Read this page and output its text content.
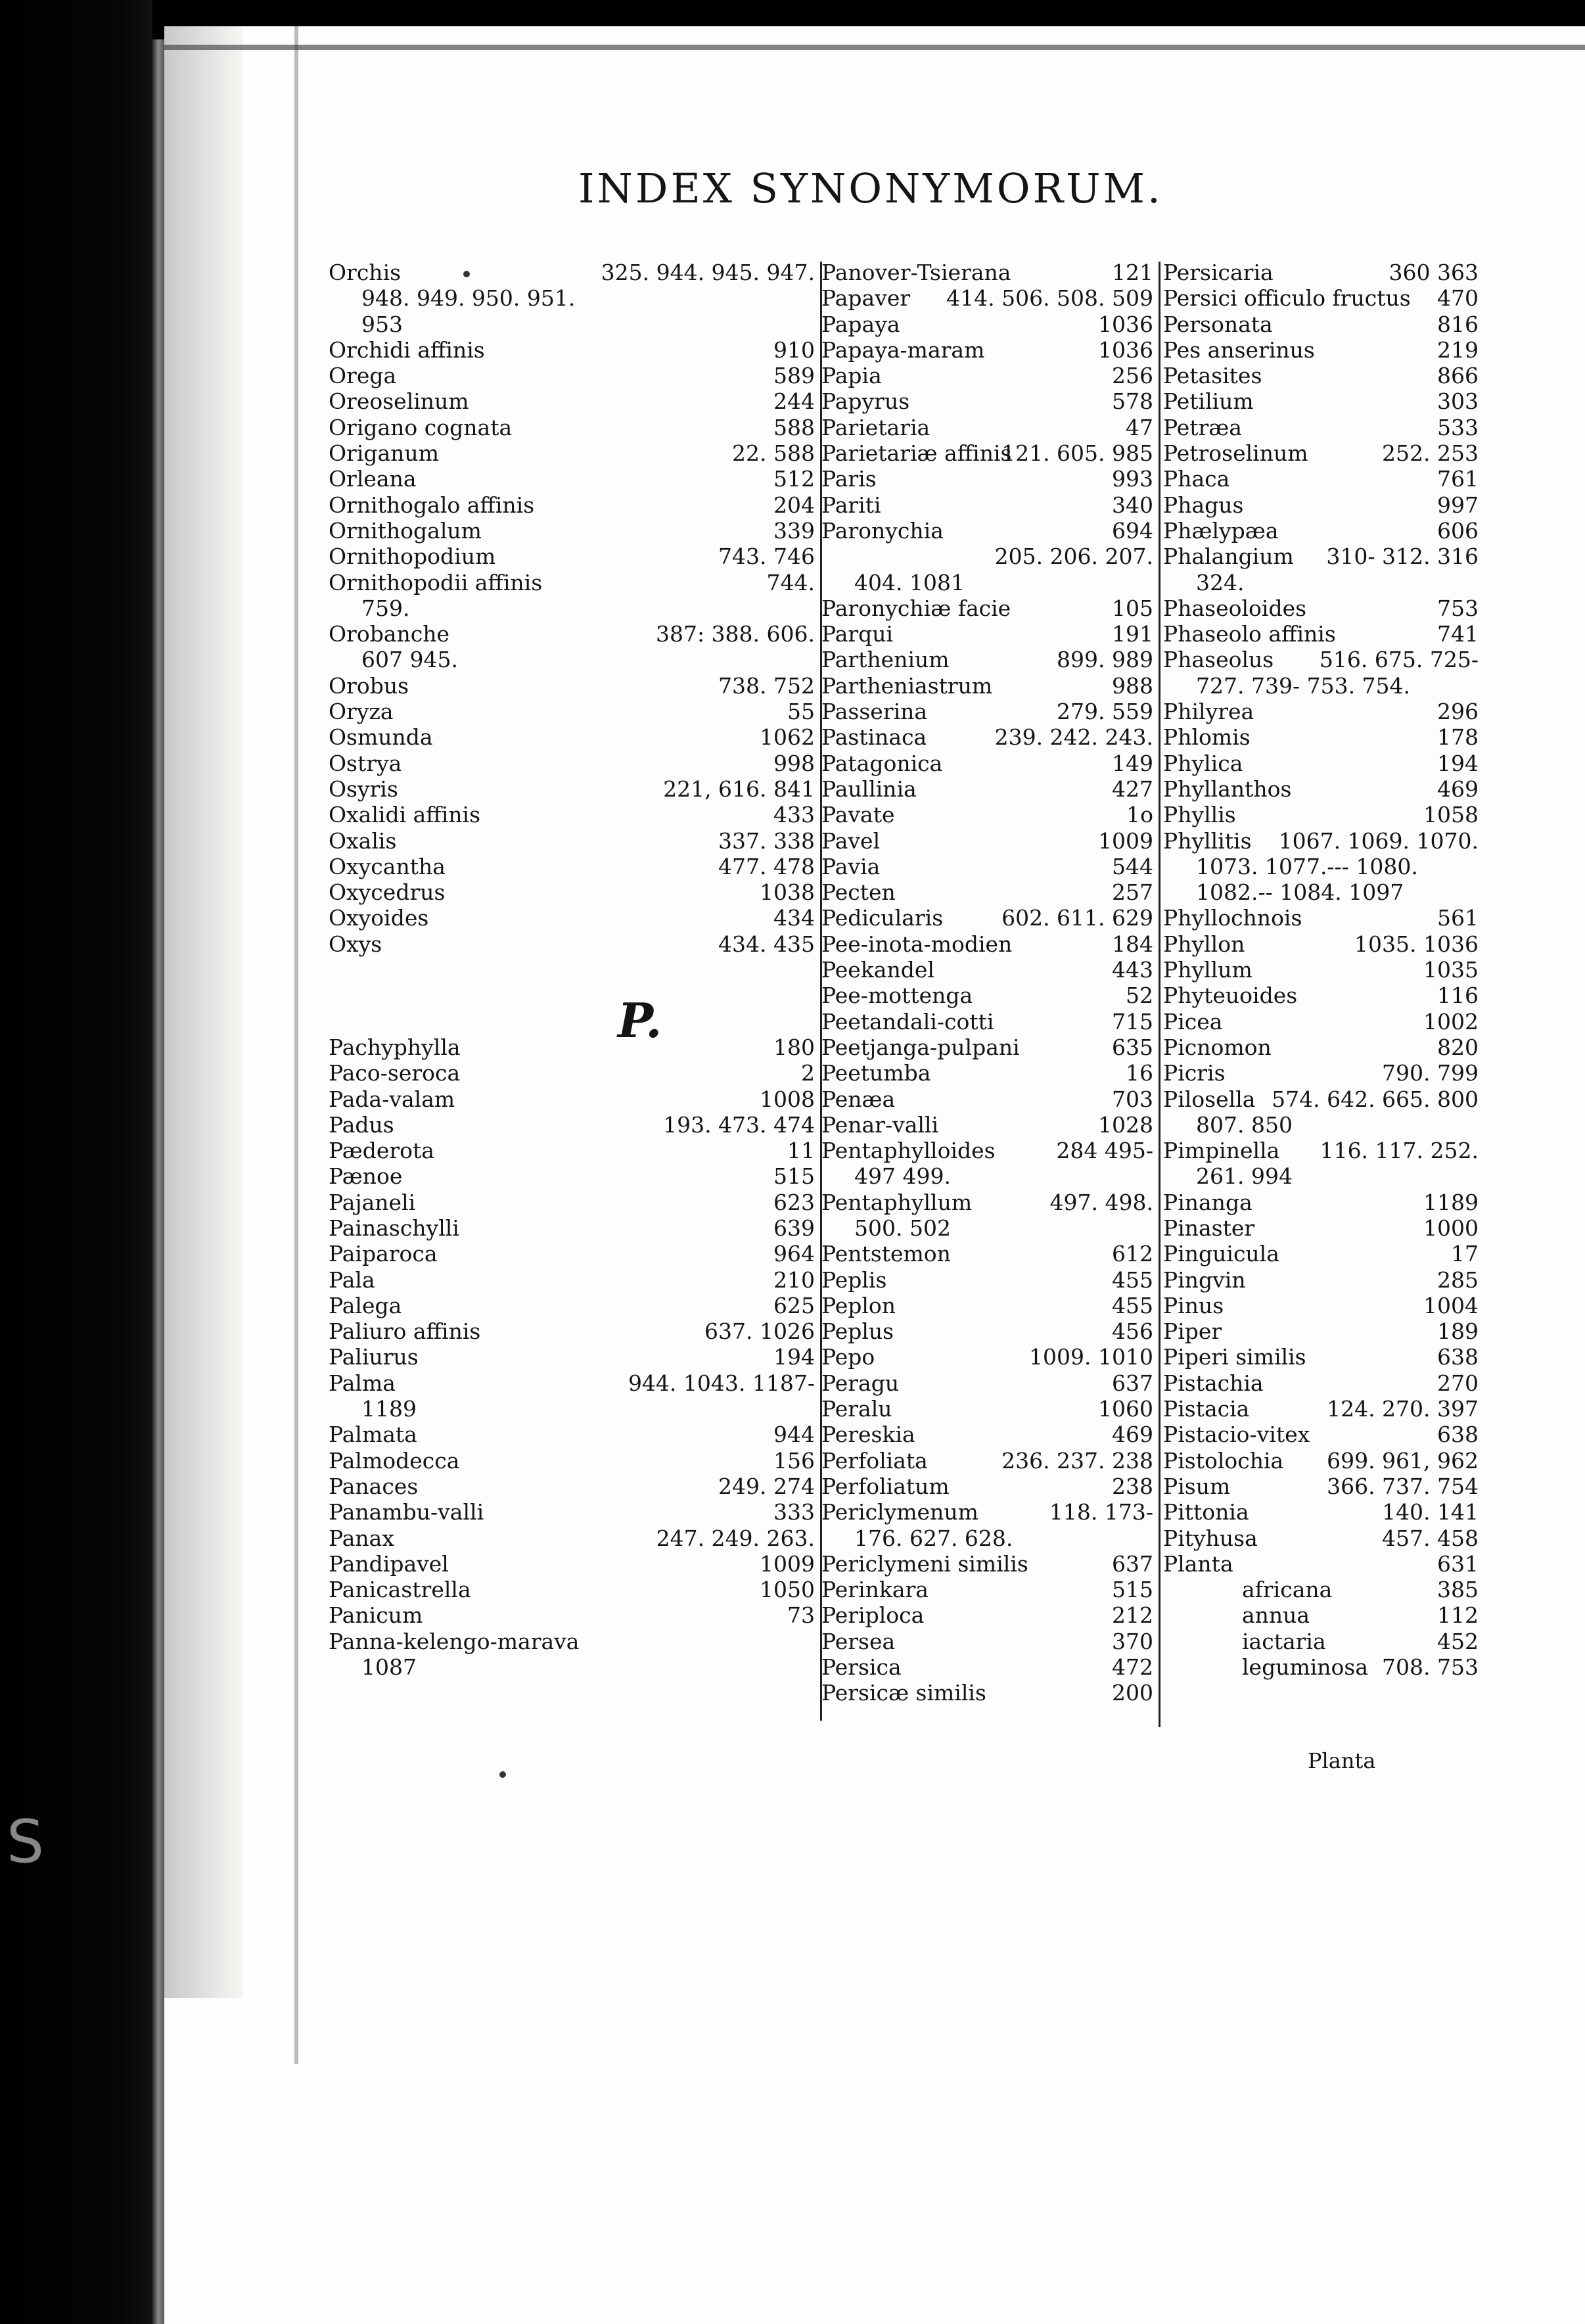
INDEX SYNONYMORUM.
Orchis	325. 944. 945. 947.
948. 949. 950. 951.
953
Orchidi affinis	910
Orega	589
Oreoselinum	244
Origano cognata	588
Origanum	22. 588
Orleana	512
Ornithogalo affinis	204
Ornithogalum	339
Ornithopodium	743. 746
Ornithopodii affinis	744.
759.
Orobanche	387: 388. 606.
607 945.
Orobus	738. 752
Oryza	55
Osmunda	1062
Ostrya	998
Osyris	221, 616. 841
Oxalidi affinis	433
Oxalis	337. 338
Oxycantha	477. 478
Oxycedrus	1038
Oxyoides	434
Oxys	434. 435

Pachyphylla	180
Paco-seroca	2
Pada-valam	1008
Padus	193. 473. 474
Pæderota	11
Pænoe	515
Pajaneli	623
Painaschylli	639
Paiparoca	964
Pala	210
Palega	625
Paliuro affinis	637. 1026
Paliurus	194
Palma	944. 1043. 1187-
1189
Palmata	944
Palmodecca	156
Panaces	249. 274
Panambu-valli	333
Panax	247. 249. 263.
Pandipavel	1009
Panicastrella	1050
Panicum	73
Panna-kelengo-marava
1087
Panover-Tsierana	121
Papaver 414. 506. 508. 509
Papaya	1036
Papaya-maram	1036
Papia	256
Papyrus	578
Parietaria	47
Parietariæ affinis
121. 605. 985
Paris	993
Pariti	340
Paronychia	694

205. 206. 207.
404. 1081
Paronychiæ facie	105
Parqui	191
Parthenium	899. 989
Partheniastrum	988
Passerina	279. 559
Pastinaca	239. 242. 243.
Patagonica	149
Paullinia	427
Pavate	1o
Pavel	1009
Pavia	544
Pecten	257
Pedicularis	602. 611. 629
Pee-inota-modien	184
Peekandel	443
Pee-mottenga	52
Peetandali-cotti	715
Peetjanga-pulpani	635
Peetumba	16
Penæa	703
Penar-valli	1028
Pentaphylloides	284 495-
497 499.
Pentaphyllum	497. 498.
500. 502
Pentstemon	612
Peplis	455
Peplon	455
Peplus	456
Pepo	1009. 1010
Peragu	637
Peralu	1060
Pereskia	469
Perfoliata	236. 237. 238
Perfoliatum	238
Periclymenum	118. 173-
176. 627. 628.
Periclymeni similis	637
Perinkara	515
Periploca	212
Persea	370
Persica	472
Persicæ similis	200
Persicaria	360 363
Persici officulo fructus 470
Personata	816
Pes anserinus	219
Petasites	866
Petilium	303
Petræa	533
Petroselinum	252. 253
Phaca	761
Phagus	997
Phælypæa	606
Phalangium 310- 312. 316
324.
Phaseoloides	753
Phaseolo affinis	741
Phaseolus 516. 675. 725-
727. 739- 753. 754.
Philyrea	296
Phlomis	178
Phylica	194
Phyllanthos	469
Phyllis	1058
Phyllitis 1067. 1069. 1070.
1073. 1077.--- 1080.
1082.-- 1084. 1097
Phyllochnois	561
Phyllon	1035. 1036
Phyllum	1035
Phyteuoides	116
Picea	1002
Picnomon	820
Picris	790. 799
Pilosella 574. 642. 665. 800
807. 850
Pimpinella 116. 117. 252.
261. 994
Pinanga	1189
Pinaster	1000
Pinguicula	17
Pingvin	285
Pinus	1004
Piper	189
Piperi similis	638
Pistachia	270
Pistacia	124. 270. 397
Pistacio-vitex	638
Pistolochia 699. 961, 962
Pisum	366. 737. 754
Pittonia	140. 141
Pityhusa	457. 458
Planta	631
africana	385
annua	112
iactaria	452
leguminosa 708. 753
P.
Planta
S
